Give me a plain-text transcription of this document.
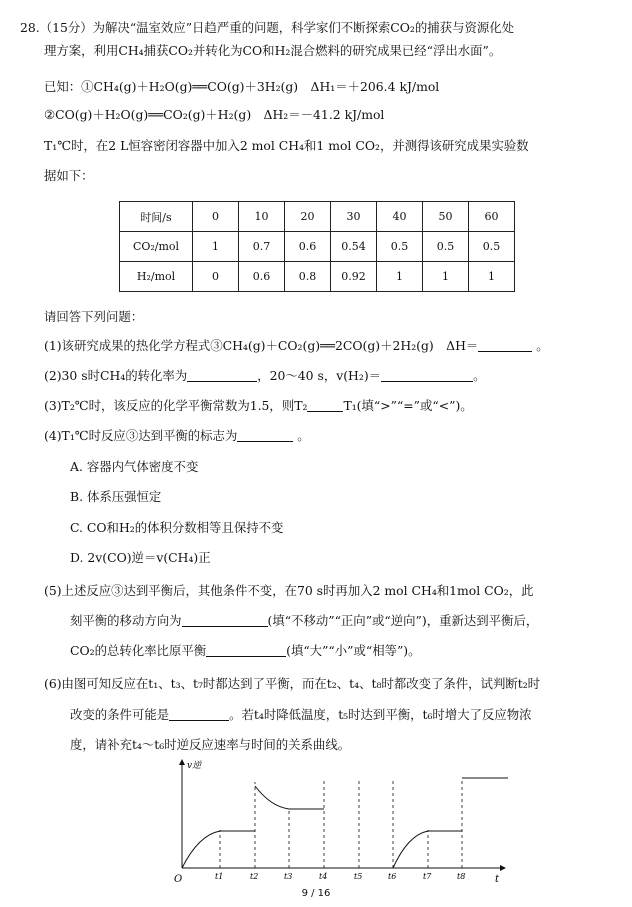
28.（15分）为解决“温室效应”日趋严重的问题，科学家们不断探索CO₂的捕获与资源化处
理方案，利用CH₄捕获CO₂并转化为CO和H₂混合燃料的研究成果已经“浮出水面”。
已知：①CH₄(g)＋H₂O(g)══CO(g)＋3H₂(g)　ΔH₁＝＋206.4 kJ/mol
②CO(g)＋H₂O(g)══CO₂(g)＋H₂(g)　ΔH₂＝－41.2 kJ/mol
T₁℃时，在2 L恒容密闭容器中加入2 mol CH₄和1 mol CO₂，并测得该研究成果实验数
据如下：
时间/s	0	10	20	30	40	50	60
CO₂/mol	1	0.7	0.6	0.54	0.5	0.5	0.5
H₂/mol	0	0.6	0.8	0.92	1	1	1
请回答下列问题：
(1)该研究成果的热化学方程式③CH₄(g)＋CO₂(g)══2CO(g)＋2H₂(g)　ΔH＝	。
(2)30 s时CH₄的转化率为	，20～40 s，v(H₂)＝	。
(3)T₂℃时，该反应的化学平衡常数为1.5，则T₂	T₁(填“>”“=”或“<”)。
(4)T₁℃时反应③达到平衡的标志为	。
A. 容器内气体密度不变
B. 体系压强恒定
C. CO和H₂的体积分数相等且保持不变
D. 2v(CO)逆＝v(CH₄)正
(5)上述反应③达到平衡后，其他条件不变，在70 s时再加入2 mol CH₄和1mol CO₂，此
刻平衡的移动方向为	(填“不移动”“正向”或“逆向”)，重新达到平衡后，
CO₂的总转化率比原平衡	(填“大”“小”或“相等”)。
(6)由图可知反应在t₁、t₃、t₇时都达到了平衡，而在t₂、t₄、t₈时都改变了条件，试判断t₂时
改变的条件可能是	。若t₄时降低温度，t₅时达到平衡，t₆时增大了反应物浓
度，请补充t₄～t₆时逆反应速率与时间的关系曲线。
v逆
O	t
t1	t2	t3	t4	t5	t6	t7	t8
9 / 16
